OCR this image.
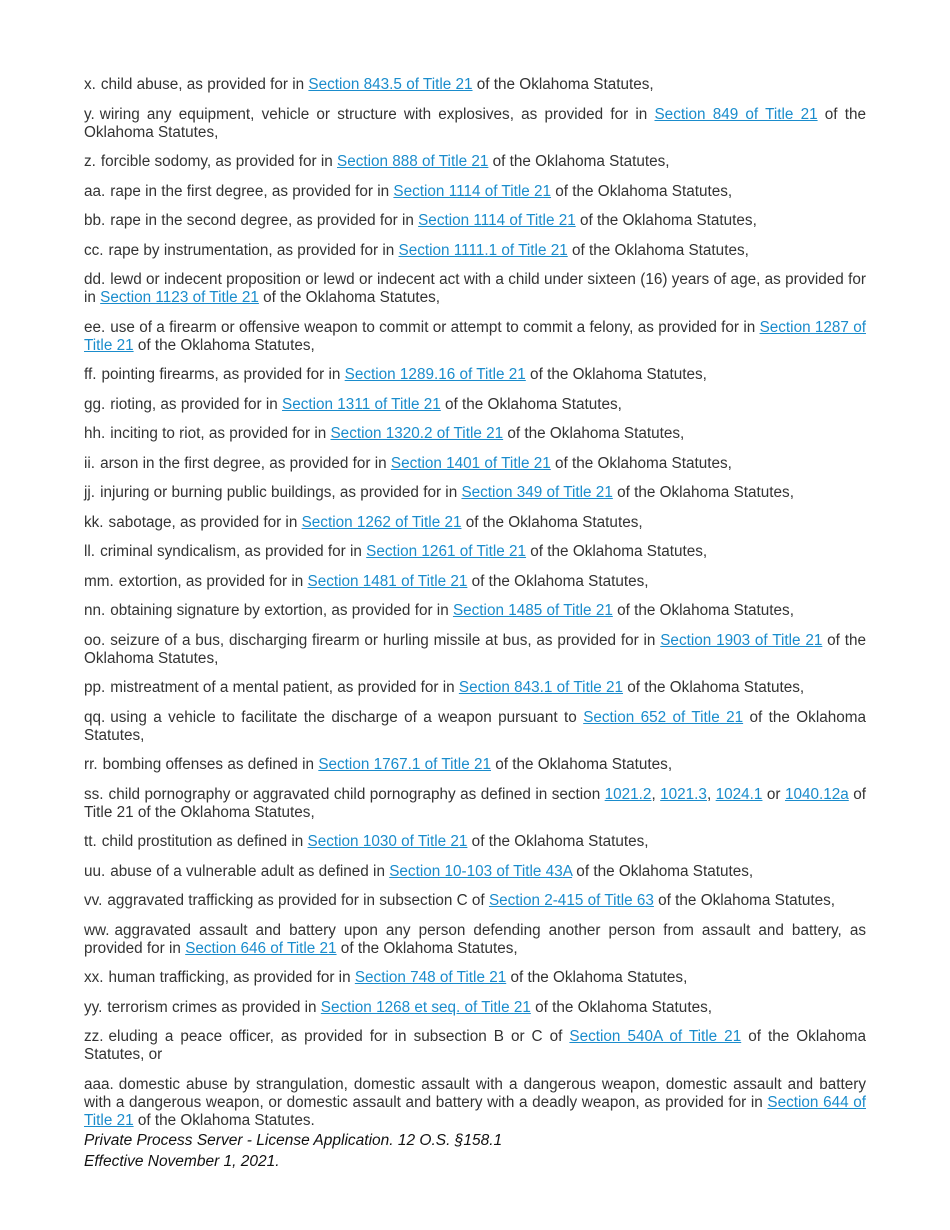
x. child abuse, as provided for in Section 843.5 of Title 21 of the Oklahoma Statutes,
y. wiring any equipment, vehicle or structure with explosives, as provided for in Section 849 of Title 21 of the Oklahoma Statutes,
z. forcible sodomy, as provided for in Section 888 of Title 21 of the Oklahoma Statutes,
aa. rape in the first degree, as provided for in Section 1114 of Title 21 of the Oklahoma Statutes,
bb. rape in the second degree, as provided for in Section 1114 of Title 21 of the Oklahoma Statutes,
cc. rape by instrumentation, as provided for in Section 1111.1 of Title 21 of the Oklahoma Statutes,
dd. lewd or indecent proposition or lewd or indecent act with a child under sixteen (16) years of age, as provided for in Section 1123 of Title 21 of the Oklahoma Statutes,
ee. use of a firearm or offensive weapon to commit or attempt to commit a felony, as provided for in Section 1287 of Title 21 of the Oklahoma Statutes,
ff. pointing firearms, as provided for in Section 1289.16 of Title 21 of the Oklahoma Statutes,
gg. rioting, as provided for in Section 1311 of Title 21 of the Oklahoma Statutes,
hh. inciting to riot, as provided for in Section 1320.2 of Title 21 of the Oklahoma Statutes,
ii. arson in the first degree, as provided for in Section 1401 of Title 21 of the Oklahoma Statutes,
jj. injuring or burning public buildings, as provided for in Section 349 of Title 21 of the Oklahoma Statutes,
kk. sabotage, as provided for in Section 1262 of Title 21 of the Oklahoma Statutes,
ll. criminal syndicalism, as provided for in Section 1261 of Title 21 of the Oklahoma Statutes,
mm. extortion, as provided for in Section 1481 of Title 21 of the Oklahoma Statutes,
nn. obtaining signature by extortion, as provided for in Section 1485 of Title 21 of the Oklahoma Statutes,
oo. seizure of a bus, discharging firearm or hurling missile at bus, as provided for in Section 1903 of Title 21 of the Oklahoma Statutes,
pp. mistreatment of a mental patient, as provided for in Section 843.1 of Title 21 of the Oklahoma Statutes,
qq. using a vehicle to facilitate the discharge of a weapon pursuant to Section 652 of Title 21 of the Oklahoma Statutes,
rr. bombing offenses as defined in Section 1767.1 of Title 21 of the Oklahoma Statutes,
ss. child pornography or aggravated child pornography as defined in section 1021.2, 1021.3, 1024.1 or 1040.12a of Title 21 of the Oklahoma Statutes,
tt. child prostitution as defined in Section 1030 of Title 21 of the Oklahoma Statutes,
uu. abuse of a vulnerable adult as defined in Section 10-103 of Title 43A of the Oklahoma Statutes,
vv. aggravated trafficking as provided for in subsection C of Section 2-415 of Title 63 of the Oklahoma Statutes,
ww. aggravated assault and battery upon any person defending another person from assault and battery, as provided for in Section 646 of Title 21 of the Oklahoma Statutes,
xx. human trafficking, as provided for in Section 748 of Title 21 of the Oklahoma Statutes,
yy. terrorism crimes as provided in Section 1268 et seq. of Title 21 of the Oklahoma Statutes,
zz. eluding a peace officer, as provided for in subsection B or C of Section 540A of Title 21 of the Oklahoma Statutes, or
aaa. domestic abuse by strangulation, domestic assault with a dangerous weapon, domestic assault and battery with a dangerous weapon, or domestic assault and battery with a deadly weapon, as provided for in Section 644 of Title 21 of the Oklahoma Statutes.
Private Process Server - License Application. 12 O.S. §158.1
Effective November 1, 2021.
